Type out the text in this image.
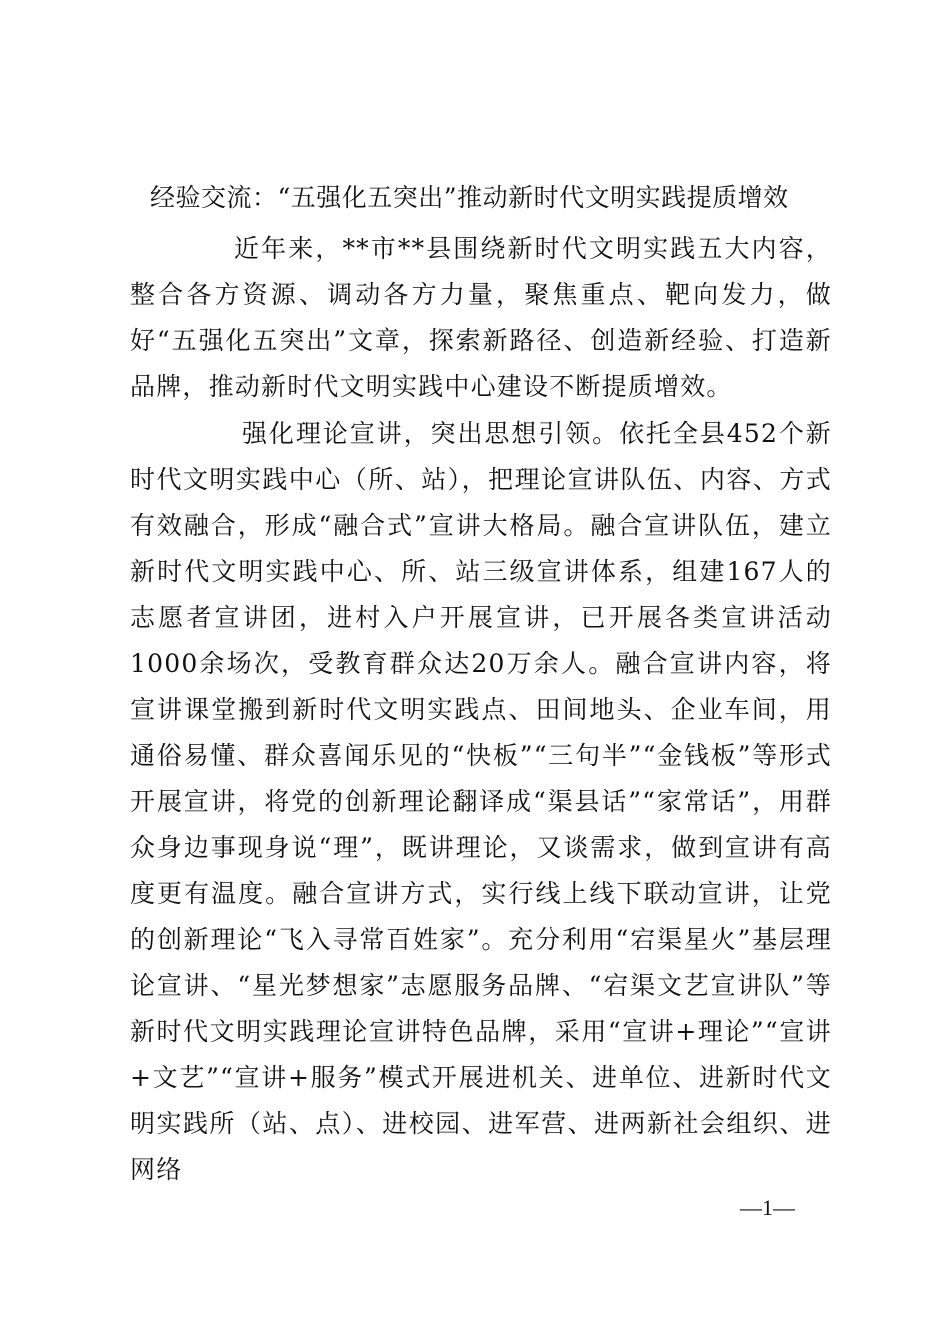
经验交流：“五强化五突出”推动新时代文明实践提质增效
近年来，**市**县围绕新时代文明实践五大内容，整合各方资源、调动各方力量，聚焦重点、靶向发力，做好“五强化五突出”文章，探索新路径、创造新经验、打造新品牌，推动新时代文明实践中心建设不断提质增效。
强化理论宣讲，突出思想引领。依托全县452个新时代文明实践中心（所、站），把理论宣讲队伍、内容、方式有效融合，形成“融合式”宣讲大格局。融合宣讲队伍，建立新时代文明实践中心、所、站三级宣讲体系，组建167人的志愿者宣讲团，进村入户开展宣讲，已开展各类宣讲活动1000余场次，受教育群众达20万余人。融合宣讲内容，将宣讲课堂搬到新时代文明实践点、田间地头、企业车间，用通俗易懂、群众喜闻乐见的“快板”“三句半”“金钱板”等形式开展宣讲，将党的创新理论翻译成“渠县话”“家常话”，用群众身边事现身说“理”，既讲理论，又谈需求，做到宣讲有高度更有温度。融合宣讲方式，实行线上线下联动宣讲，让党的创新理论“飞入寻常百姓家”。充分利用“宕渠星火”基层理论宣讲、“星光梦想家”志愿服务品牌、“宕渠文艺宣讲队”等新时代文明实践理论宣讲特色品牌，采用“宣讲+理论”“宣讲+文艺”“宣讲+服务”模式开展进机关、进单位、进新时代文明实践所（站、点）、进校园、进军营、进两新社会组织、进网络
—1—
